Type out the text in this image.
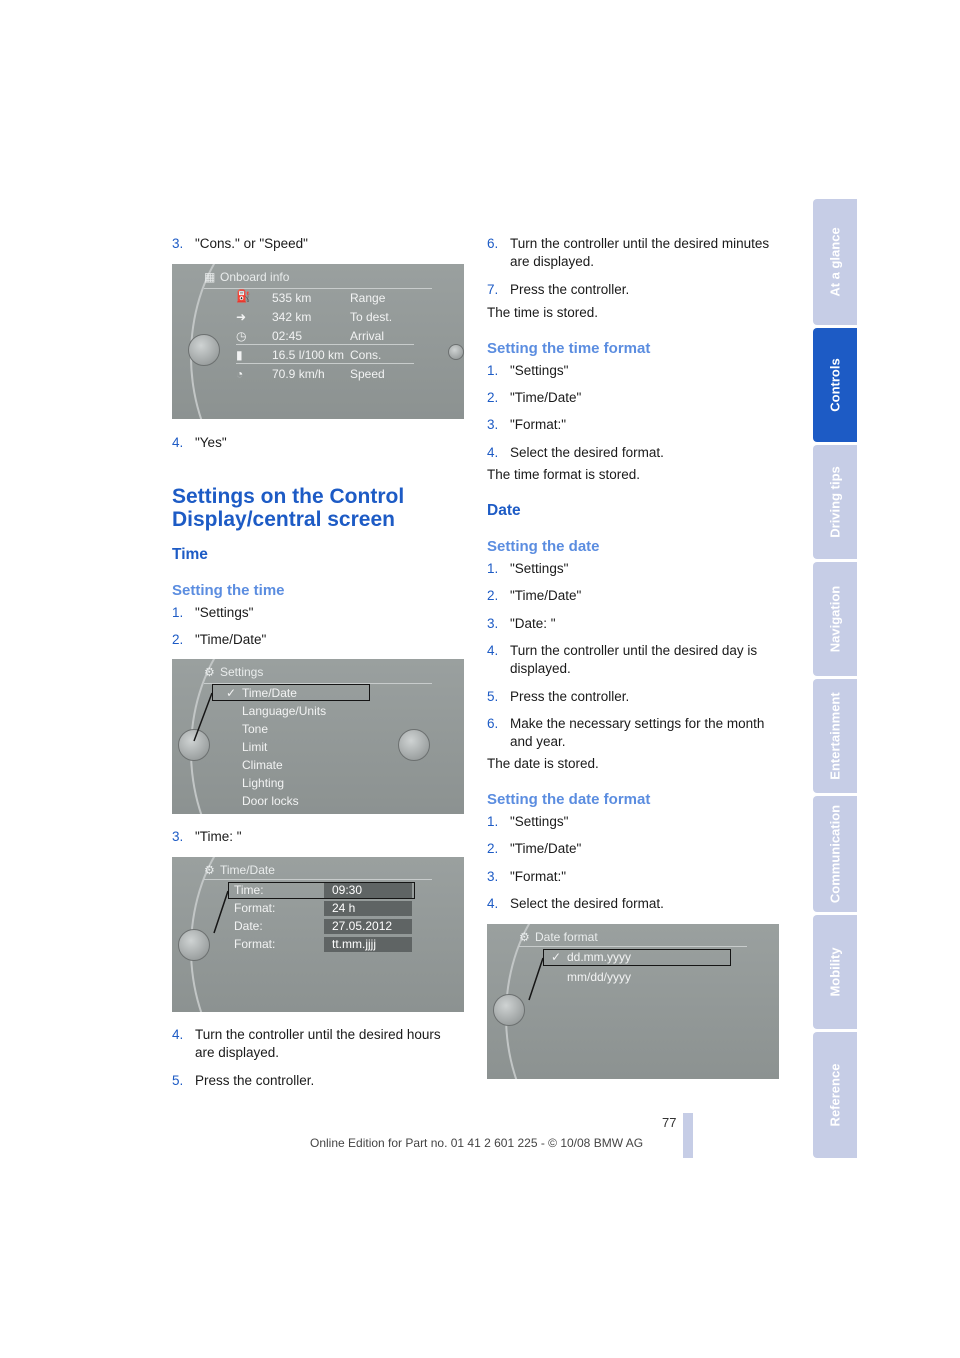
At a glance
Controls
Driving tips
Navigation
Entertainment
Communication
Mobility
Reference
3. "Cons." or "Speed"
▦ Onboard info
⛽ 535 km	Range
➜ 342 km	To dest.
◷ 02:45	Arrival
▮ 16.5 l/100 km Cons.
◔ 70.9 km/h Speed
4. "Yes"
Settings on the Control Display/central screen
Time
Setting the time
1. "Settings"
2. "Time/Date"
⚙ Settings
✓ Time/Date
Language/Units
Tone
Limit
Climate
Lighting
Door locks
3. "Time: "
⚙ Time/Date
Time:	09:30
Format:	24 h
Date:	27.05.2012
Format:	tt.mm.jjjj
4. Turn the controller until the desired hours are displayed.
5. Press the controller.
6. Turn the controller until the desired minutes are displayed.
7. Press the controller.
The time is stored.
Setting the time format
1. "Settings"
2. "Time/Date"
3. "Format:"
4. Select the desired format.
The time format is stored.
Date
Setting the date
1. "Settings"
2. "Time/Date"
3. "Date: "
4. Turn the controller until the desired day is displayed.
5. Press the controller.
6. Make the necessary settings for the month and year.
The date is stored.
Setting the date format
1. "Settings"
2. "Time/Date"
3. "Format:"
4. Select the desired format.
⚙ Date format
✓ dd.mm.yyyy
mm/dd/yyyy
77
Online Edition for Part no. 01 41 2 601 225 - © 10/08 BMW AG
